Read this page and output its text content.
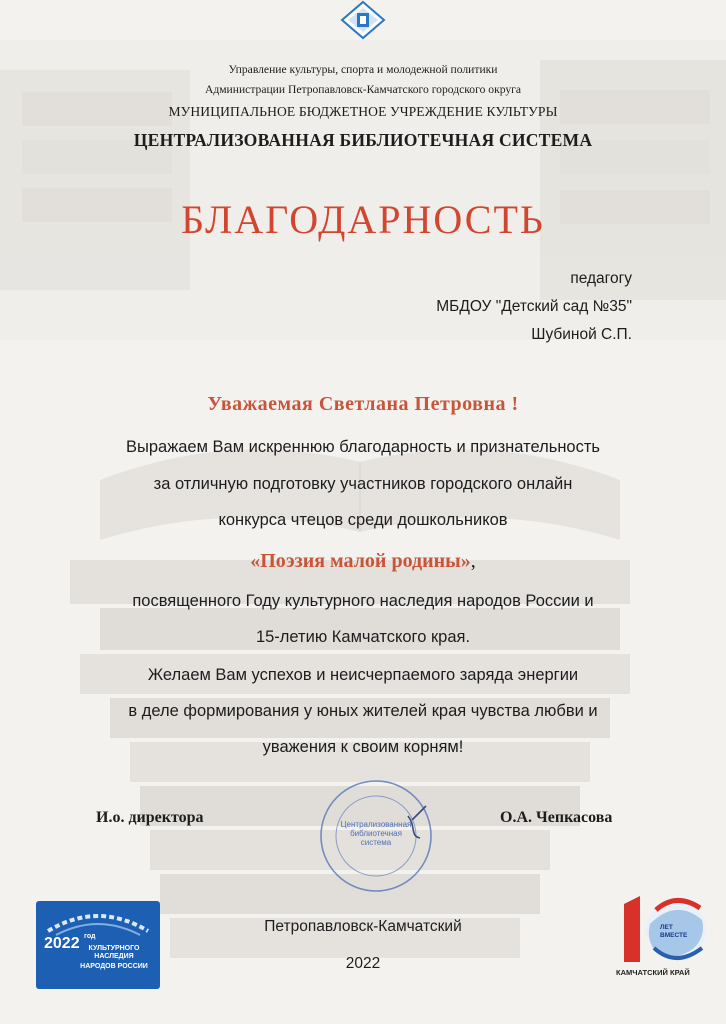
Управление культуры, спорта и молодежной политики
Администрации Петропавловск-Камчатского городского округа
МУНИЦИПАЛЬНОЕ БЮДЖЕТНОЕ УЧРЕЖДЕНИЕ КУЛЬТУРЫ
ЦЕНТРАЛИЗОВАННАЯ БИБЛИОТЕЧНАЯ СИСТЕМА
БЛАГОДАРНОСТЬ
педагогу
МБДОУ "Детский сад №35"
Шубиной С.П.
Уважаемая Светлана Петровна !
Выражаем Вам искреннюю благодарность и признательность
за отличную подготовку участников городского онлайн
конкурса чтецов среди дошкольников
«Поэзия малой родины»,
посвященного Году культурного наследия народов России и
15-летию Камчатского края.
Желаем Вам успехов и неисчерпаемого заряда энергии
в деле формирования у юных жителей края чувства любви и
уважения к своим корням!
И.о. директора	О.А. Чепкасова
Централизованная библиотечная система
Петропавловск-Камчатский
2022
2022 год
КУЛЬТУРНОГО НАСЛЕДИЯ
НАРОДОВ РОССИИ
ЛЕТ
ВМЕСТЕ
КАМЧАТСКИЙ КРАЙ
